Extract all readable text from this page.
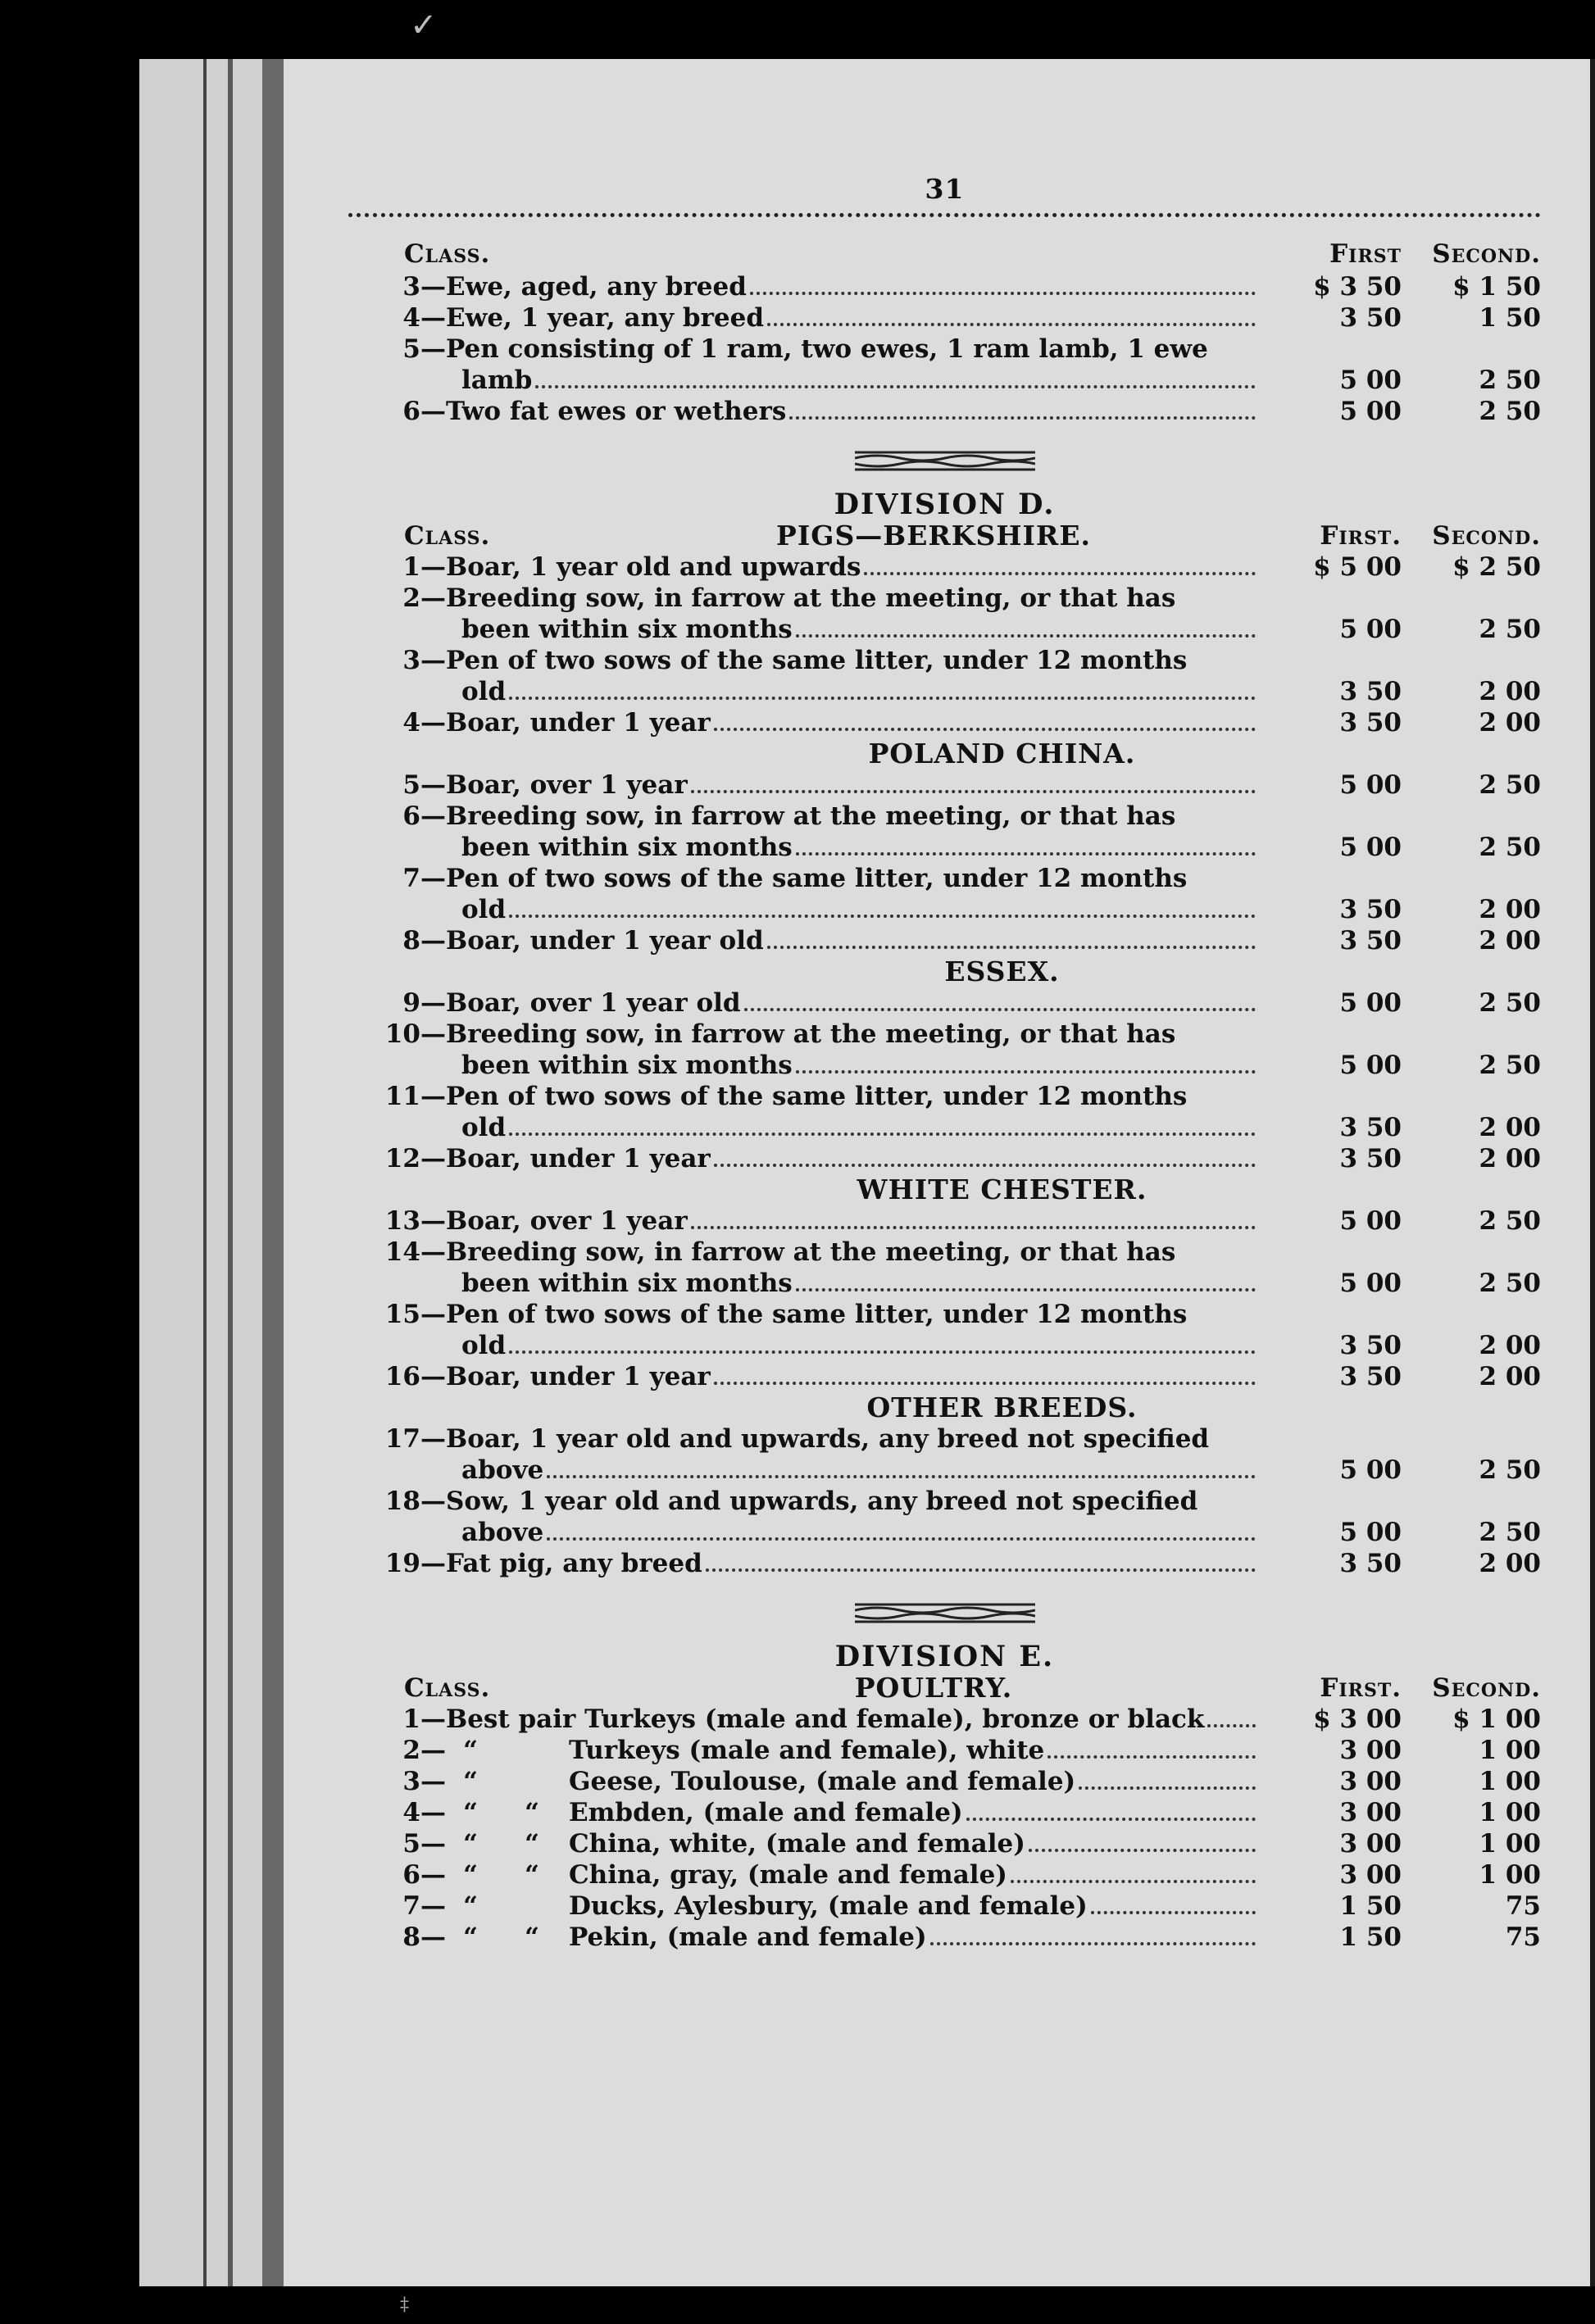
✓
31
Class.	First	Second.
3 — Ewe, aged, any breed	$ 3 50	$ 1 50
4 — Ewe, 1 year, any breed	3 50	1 50
5—Pen consisting of 1 ram, two ewes, 1 ram lamb, 1 ewe
lamb	5 00	2 50
6 — Two fat ewes or wethers	5 00	2 50
DIVISION D.
Class.	PIGS—BERKSHIRE.	First.	Second.
1 — Boar, 1 year old and upwards	$ 5 00	$ 2 50
2—Breeding sow, in farrow at the meeting, or that has
been within six months	5 00	2 50
3—Pen of two sows of the same litter, under 12 months
old	3 50	2 00
4 — Boar, under 1 year	3 50	2 00
POLAND CHINA.
5 — Boar, over 1 year	5 00	2 50
6—Breeding sow, in farrow at the meeting, or that has
been within six months	5 00	2 50
7—Pen of two sows of the same litter, under 12 months
old	3 50	2 00
8 — Boar, under 1 year old	3 50	2 00
ESSEX.
9 — Boar, over 1 year old	5 00	2 50
10—Breeding sow, in farrow at the meeting, or that has
been within six months	5 00	2 50
11—Pen of two sows of the same litter, under 12 months
old	3 50	2 00
12 — Boar, under 1 year	3 50	2 00
WHITE CHESTER.
13 — Boar, over 1 year	5 00	2 50
14—Breeding sow, in farrow at the meeting, or that has
been within six months	5 00	2 50
15—Pen of two sows of the same litter, under 12 months
old	3 50	2 00
16 — Boar, under 1 year	3 50	2 00
OTHER BREEDS.
17—Boar, 1 year old and upwards, any breed not specified
above	5 00	2 50
18—Sow, 1 year old and upwards, any breed not specified
above	5 00	2 50
19 — Fat pig, any breed	3 50	2 00
DIVISION E.
Class.	POULTRY.	First.	Second.
1 — Best pair Turkeys (male and female), bronze or black	$ 3 00	$ 1 00
2 — “	Turkeys (male and female), white	3 00	1 00
3 — “	Geese, Toulouse, (male and female)	3 00	1 00
4 — “	“	Embden, (male and female)	3 00	1 00
5 — “	“	China, white, (male and female)	3 00	1 00
6 — “	“	China, gray, (male and female)	3 00	1 00
7 — “	Ducks, Aylesbury, (male and female)	1 50	75
8 — “	“	Pekin, (male and female)	1 50	75
‡
